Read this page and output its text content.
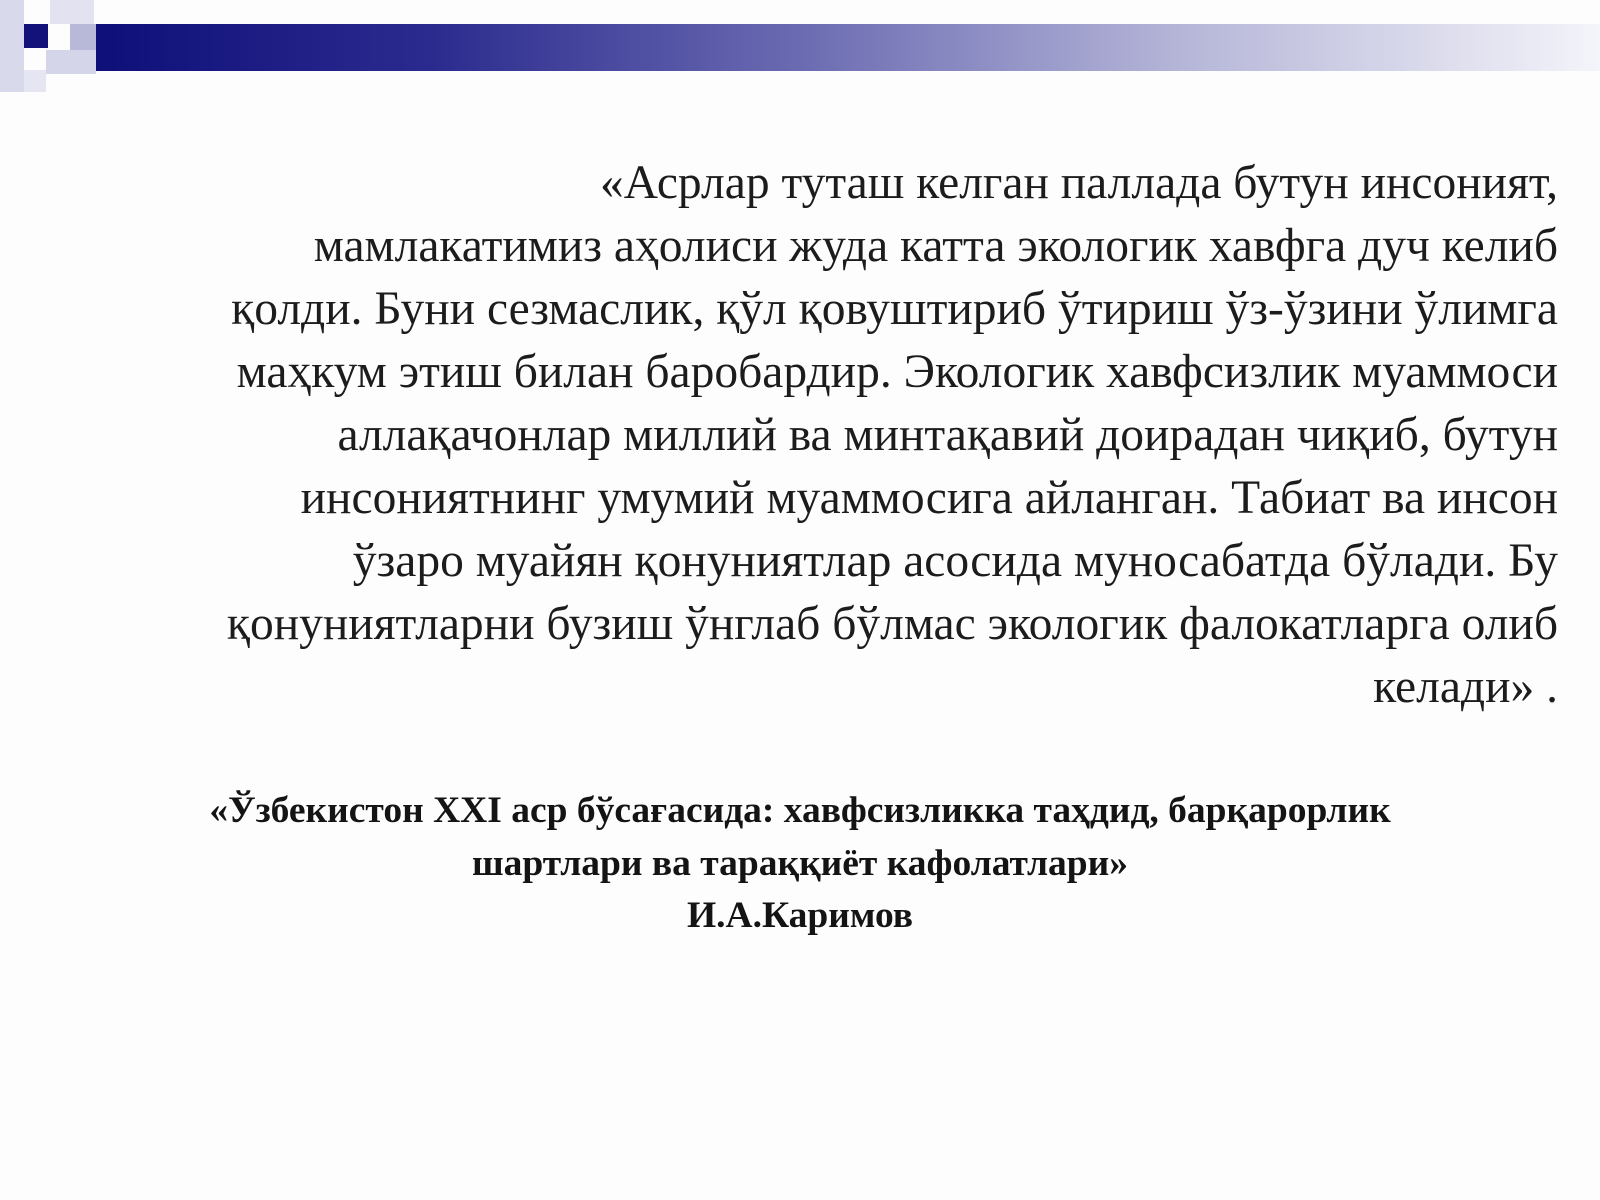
«Асрлар туташ келган паллада бутун инсоният,
мамлакатимиз аҳолиси жуда катта экологик хавфга дуч келиб
қолди. Буни сезмаслик, қўл қовуштириб ўтириш ўз-ўзини ўлимга
маҳкум этиш билан баробардир. Экологик хавфсизлик муаммоси
аллақачонлар миллий ва минтақавий доирадан чиқиб, бутун
инсониятнинг умумий муаммосига айланган. Табиат ва инсон
ўзаро муайян қонуниятлар асосида муносабатда бўлади. Бу
қонуниятларни бузиш ўнглаб бўлмас экологик фалокатларга олиб
келади» .
«Ўзбекистон XXI аср бўсағасида: хавфсизликка таҳдид, барқарорлик
шартлари ва тараққиёт кафолатлари»
И.А.Каримов
